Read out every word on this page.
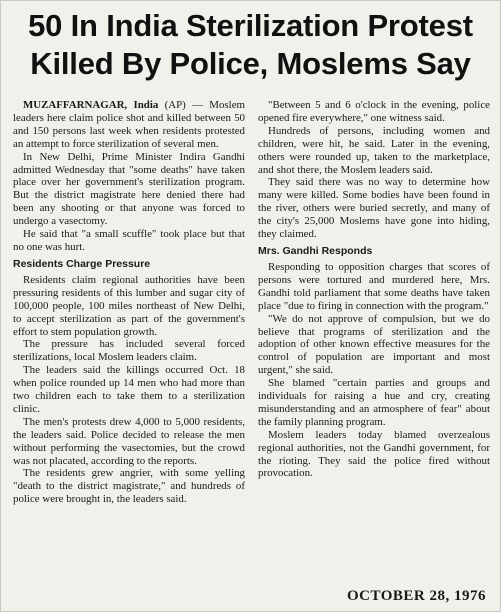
50 In India Sterilization Protest
Killed By Police, Moslems Say

MUZAFFARNAGAR, India (AP) — Moslem leaders here claim police shot and killed between 50 and 150 persons last week when residents protested an attempt to force sterilization of several men.

In New Delhi, Prime Minister Indira Gandhi admitted Wednesday that "some deaths" have taken place over her government's sterilization program. But the district magistrate here denied there had been any shooting or that anyone was forced to undergo a vasectomy.

He said that "a small scuffle" took place but that no one was hurt.

Residents Charge Pressure

Residents claim regional authorities have been pressuring residents of this lumber and sugar city of 100,000 people, 100 miles northeast of New Delhi, to accept sterilization as part of the government's effort to stem population growth.

The pressure has included several forced sterilizations, local Moslem leaders claim.

The leaders said the killings occurred Oct. 18 when police rounded up 14 men who had more than two children each to take them to a sterilization clinic.

The men's protests drew 4,000 to 5,000 residents, the leaders said. Police decided to release the men without performing the vasectomies, but the crowd was not placated, according to the reports.

The residents grew angrier, with some yelling "death to the district magistrate," and hundreds of police were brought in, the leaders said.

"Between 5 and 6 o'clock in the evening, police opened fire everywhere," one witness said.

Hundreds of persons, including women and children, were hit, he said. Later in the evening, others were rounded up, taken to the marketplace, and shot there, the Moslem leaders said.

They said there was no way to determine how many were killed. Some bodies have been found in the river, others were buried secretly, and many of the city's 25,000 Moslems have gone into hiding, they claimed.

Mrs. Gandhi Responds

Responding to opposition charges that scores of persons were tortured and murdered here, Mrs. Gandhi told parliament that some deaths have taken place "due to firing in connection with the program."

"We do not approve of compulsion, but we do believe that programs of sterilization and the adoption of other known effective measures for the control of population are important and most urgent," she said.

She blamed "certain parties and groups and individuals for raising a hue and cry, creating misunderstanding and an atmosphere of fear" about the family planning program.

Moslem leaders today blamed overzealous regional authorities, not the Gandhi government, for the rioting. They said the police fired without provocation.

OCTOBER 28, 1976
